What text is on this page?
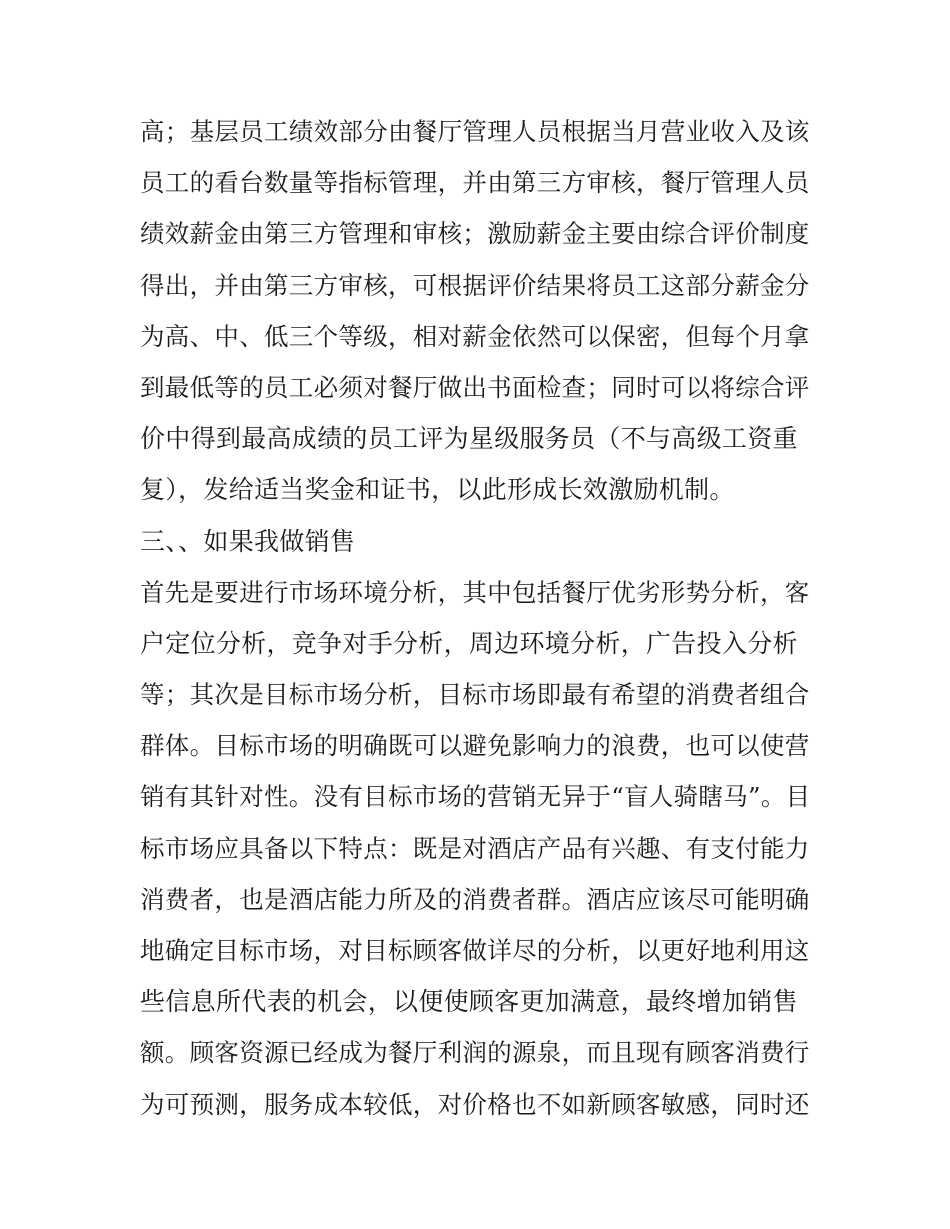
高；基层员工绩效部分由餐厅管理人员根据当月营业收入及该
员工的看台数量等指标管理，并由第三方审核，餐厅管理人员
绩效薪金由第三方管理和审核；激励薪金主要由综合评价制度
得出，并由第三方审核，可根据评价结果将员工这部分薪金分
为高、中、低三个等级，相对薪金依然可以保密，但每个月拿
到最低等的员工必须对餐厅做出书面检查；同时可以将综合评
价中得到最高成绩的员工评为星级服务员（不与高级工资重
复），发给适当奖金和证书，以此形成长效激励机制。
三、、如果我做销售
首先是要进行市场环境分析，其中包括餐厅优劣形势分析，客
户定位分析，竞争对手分析，周边环境分析，广告投入分析
等；其次是目标市场分析，目标市场即最有希望的消费者组合
群体。目标市场的明确既可以避免影响力的浪费，也可以使营
销有其针对性。没有目标市场的营销无异于“盲人骑瞎马”。目
标市场应具备以下特点：既是对酒店产品有兴趣、有支付能力
消费者，也是酒店能力所及的消费者群。酒店应该尽可能明确
地确定目标市场，对目标顾客做详尽的分析，以更好地利用这
些信息所代表的机会，以便使顾客更加满意，最终增加销售
额。顾客资源已经成为餐厅利润的源泉，而且现有顾客消费行
为可预测，服务成本较低，对价格也不如新顾客敏感，同时还
